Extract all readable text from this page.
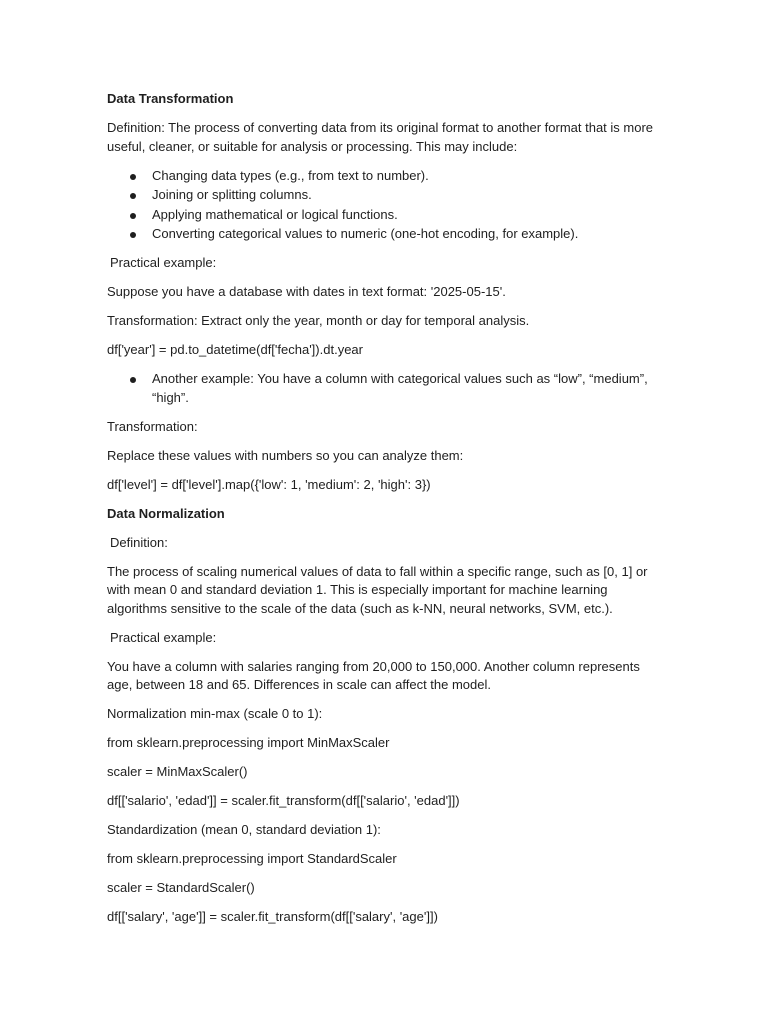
Data Transformation
Definition: The process of converting data from its original format to another format that is more useful, cleaner, or suitable for analysis or processing. This may include:
Changing data types (e.g., from text to number).
Joining or splitting columns.
Applying mathematical or logical functions.
Converting categorical values to numeric (one-hot encoding, for example).
Practical example:
Suppose you have a database with dates in text format: '2025-05-15'.
Transformation: Extract only the year, month or day for temporal analysis.
df['year'] = pd.to_datetime(df['fecha']).dt.year
Another example: You have a column with categorical values such as “low”, “medium”, “high”.
Transformation:
Replace these values with numbers so you can analyze them:
df['level'] = df['level'].map({'low': 1, 'medium': 2, 'high': 3})
Data Normalization
Definition:
The process of scaling numerical values of data to fall within a specific range, such as [0, 1] or with mean 0 and standard deviation 1. This is especially important for machine learning algorithms sensitive to the scale of the data (such as k-NN, neural networks, SVM, etc.).
Practical example:
You have a column with salaries ranging from 20,000 to 150,000. Another column represents age, between 18 and 65. Differences in scale can affect the model.
Normalization min-max (scale 0 to 1):
from sklearn.preprocessing import MinMaxScaler
scaler = MinMaxScaler()
df[['salario', 'edad']] = scaler.fit_transform(df[['salario', 'edad']])
Standardization (mean 0, standard deviation 1):
from sklearn.preprocessing import StandardScaler
scaler = StandardScaler()
df[['salary', 'age']] = scaler.fit_transform(df[['salary', 'age']])
